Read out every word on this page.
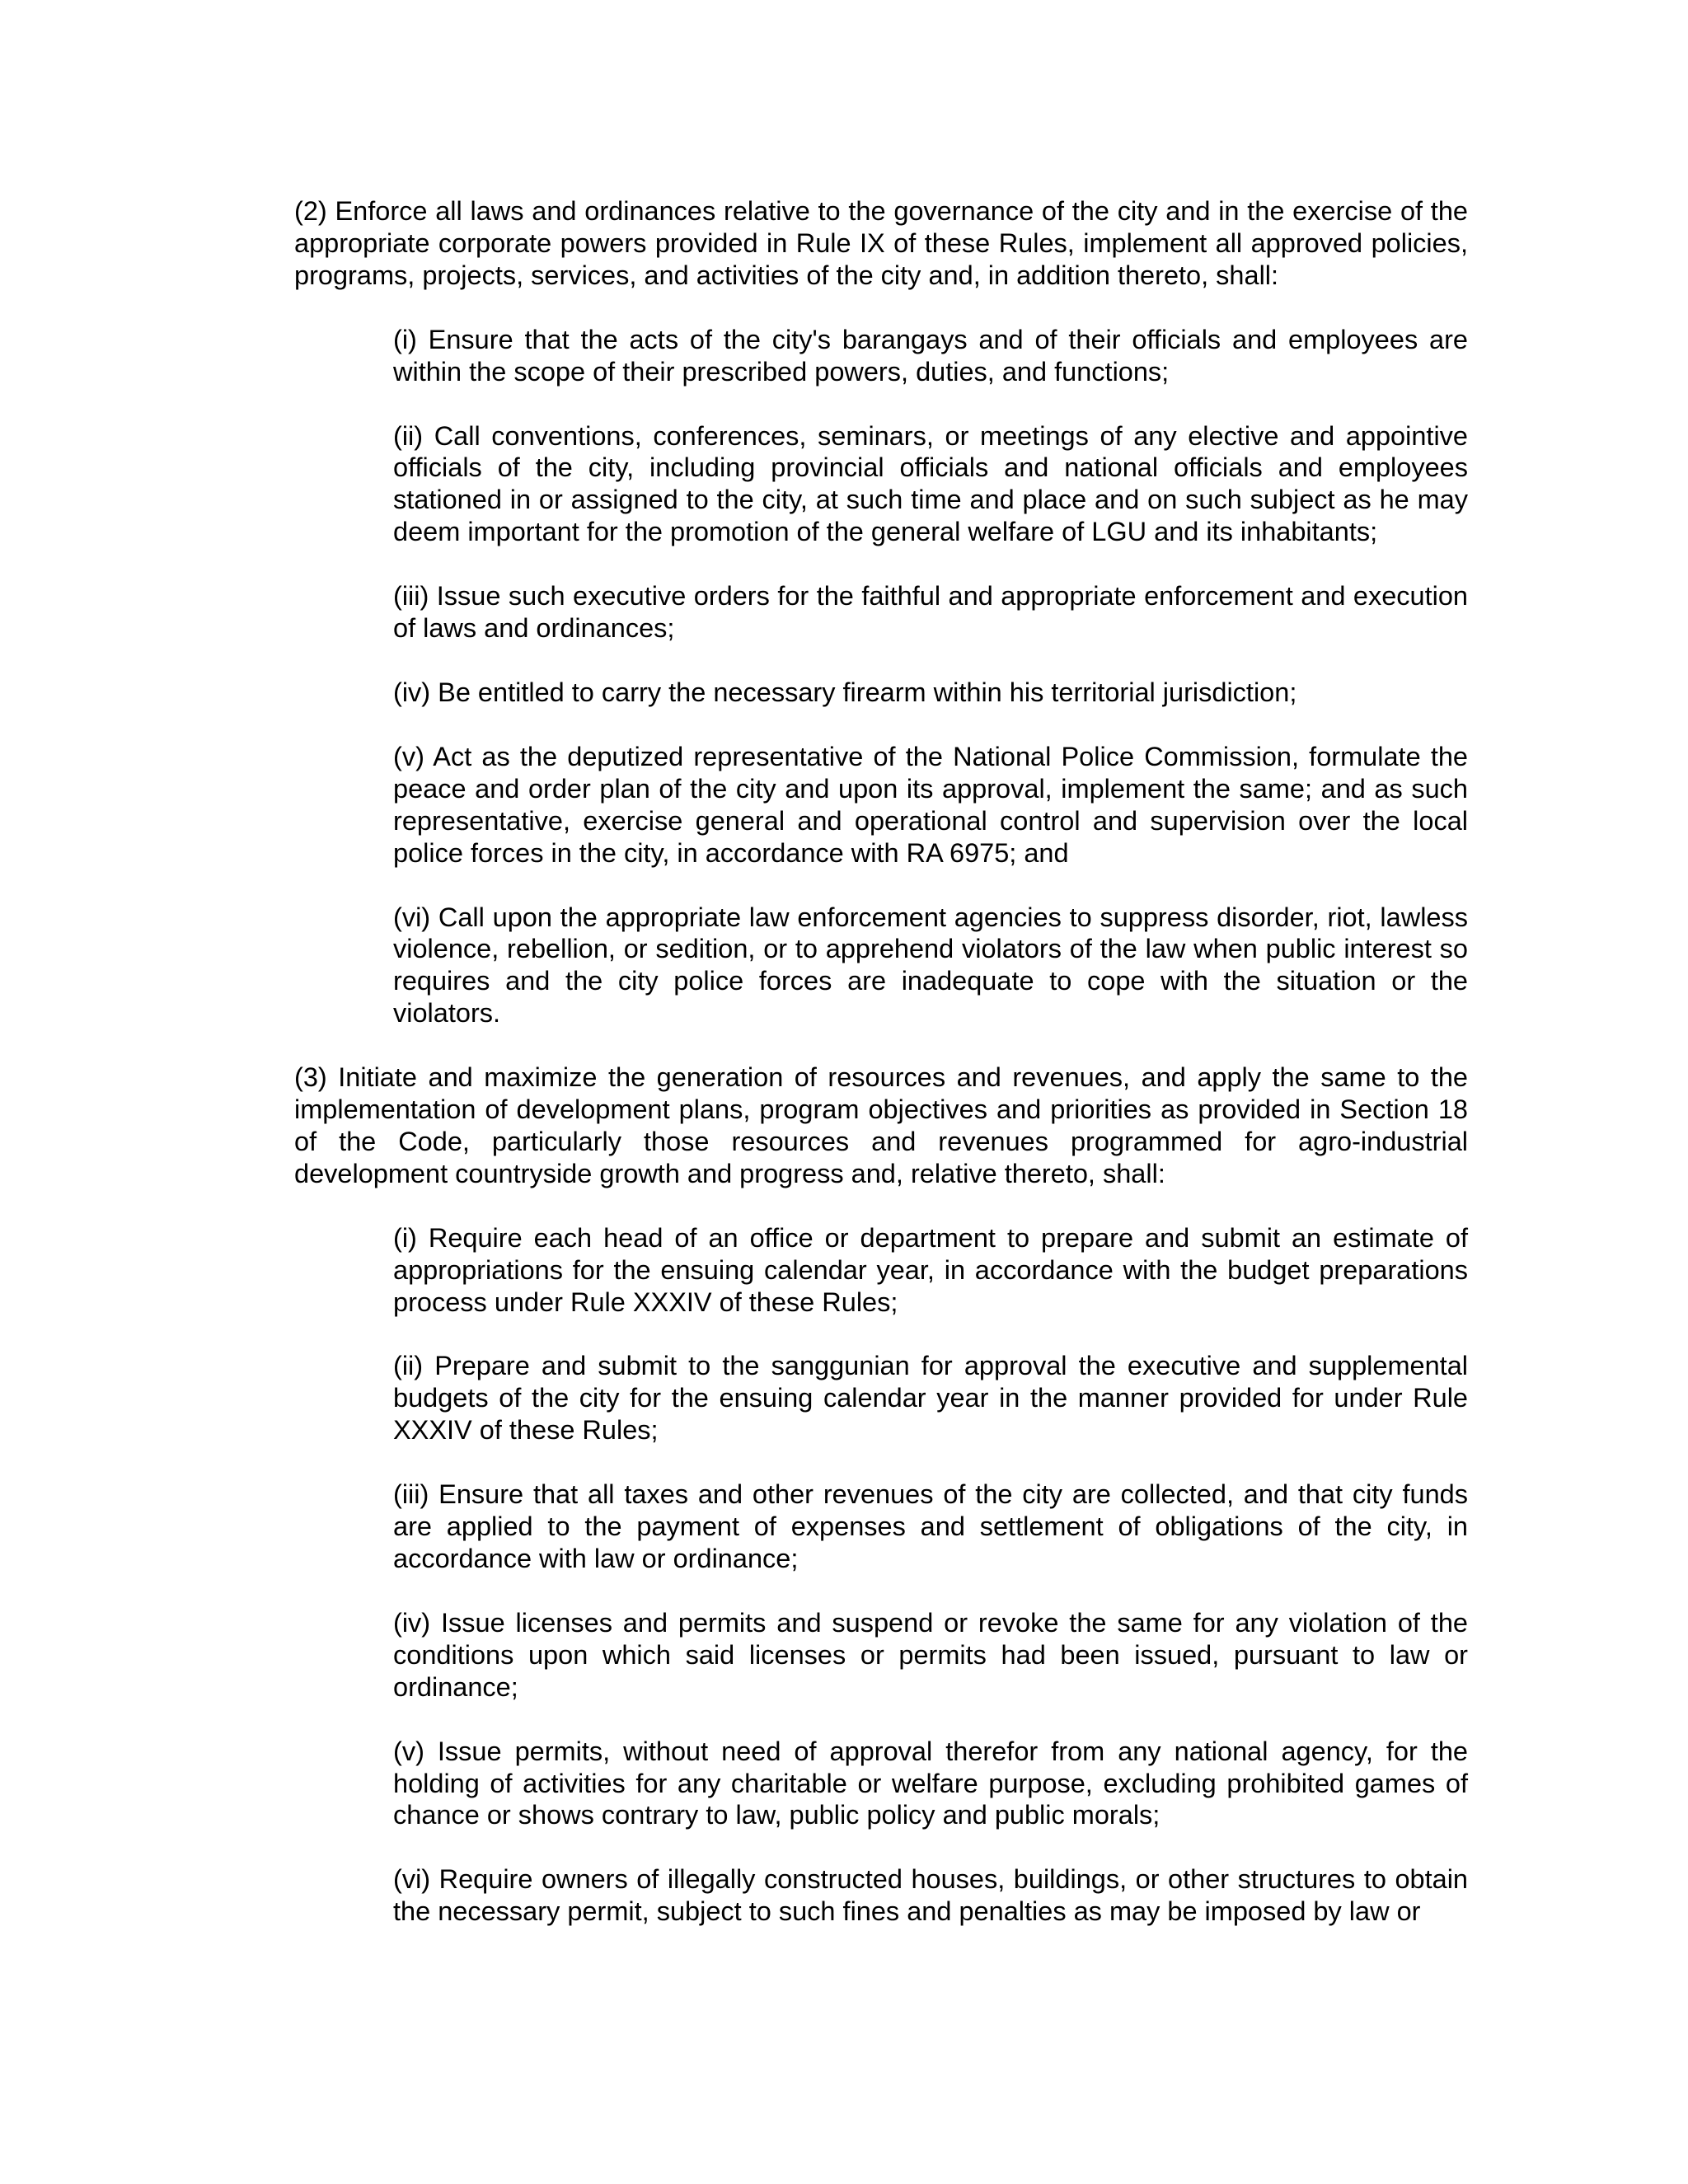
(2) Enforce all laws and ordinances relative to the governance of the city and in the exercise of the appropriate corporate powers provided in Rule IX of these Rules, implement all approved policies, programs, projects, services, and activities of the city and, in addition thereto, shall:

(i) Ensure that the acts of the city's barangays and of their officials and employees are within the scope of their prescribed powers, duties, and functions;

(ii) Call conventions, conferences, seminars, or meetings of any elective and appointive officials of the city, including provincial officials and national officials and employees stationed in or assigned to the city, at such time and place and on such subject as he may deem important for the promotion of the general welfare of LGU and its inhabitants;

(iii) Issue such executive orders for the faithful and appropriate enforcement and execution of laws and ordinances;

(iv) Be entitled to carry the necessary firearm within his territorial jurisdiction;

(v) Act as the deputized representative of the National Police Commission, formulate the peace and order plan of the city and upon its approval, implement the same; and as such representative, exercise general and operational control and supervision over the local police forces in the city, in accordance with RA 6975; and

(vi) Call upon the appropriate law enforcement agencies to suppress disorder, riot, lawless violence, rebellion, or sedition, or to apprehend violators of the law when public interest so requires and the city police forces are inadequate to cope with the situation or the violators.

(3) Initiate and maximize the generation of resources and revenues, and apply the same to the implementation of development plans, program objectives and priorities as provided in Section 18 of the Code, particularly those resources and revenues programmed for agro-industrial development countryside growth and progress and, relative thereto, shall:

(i) Require each head of an office or department to prepare and submit an estimate of appropriations for the ensuing calendar year, in accordance with the budget preparations process under Rule XXXIV of these Rules;

(ii) Prepare and submit to the sanggunian for approval the executive and supplemental budgets of the city for the ensuing calendar year in the manner provided for under Rule XXXIV of these Rules;

(iii) Ensure that all taxes and other revenues of the city are collected, and that city funds are applied to the payment of expenses and settlement of obligations of the city, in accordance with law or ordinance;

(iv) Issue licenses and permits and suspend or revoke the same for any violation of the conditions upon which said licenses or permits had been issued, pursuant to law or ordinance;

(v) Issue permits, without need of approval therefor from any national agency, for the holding of activities for any charitable or welfare purpose, excluding prohibited games of chance or shows contrary to law, public policy and public morals;

(vi) Require owners of illegally constructed houses, buildings, or other structures to obtain the necessary permit, subject to such fines and penalties as may be imposed by law or
